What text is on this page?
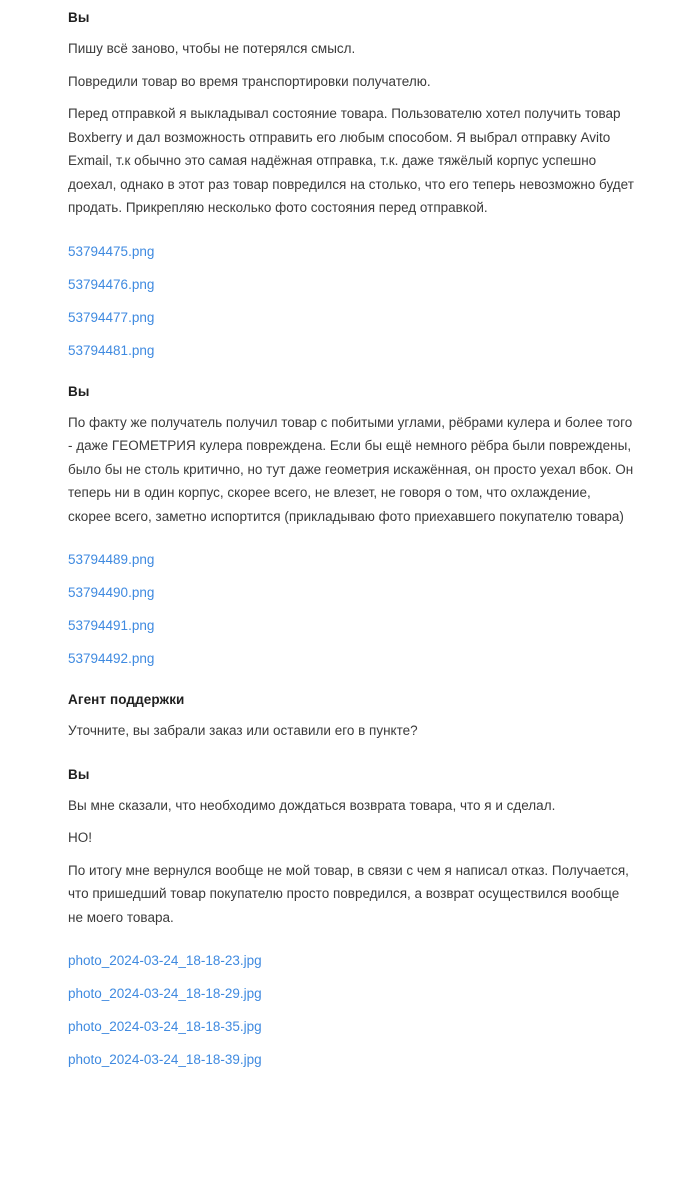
Вы

Пишу всё заново, чтобы не потерялся смысл.

Повредили товар во время транспортировки получателю.

Перед отправкой я выкладывал состояние товара. Пользователю хотел получить товар Boxberry и дал возможность отправить его любым способом. Я выбрал отправку Avito Exmail, т.к обычно это самая надёжная отправка, т.к. даже тяжёлый корпус успешно доехал, однако в этот раз товар повредился на столько, что его теперь невозможно будет продать. Прикрепляю несколько фото состояния перед отправкой.

53794475.png
53794476.png
53794477.png
53794481.png
Вы

По факту же получатель получил товар с побитыми углами, рёбрами кулера и более того - даже ГЕОМЕТРИЯ кулера повреждена. Если бы ещё немного рёбра были повреждены, было бы не столь критично, но тут даже геометрия искажённая, он просто уехал вбок. Он теперь ни в один корпус, скорее всего, не влезет, не говоря о том, что охлаждение, скорее всего, заметно испортится (прикладываю фото приехавшего покупателю товара)

53794489.png
53794490.png
53794491.png
53794492.png
Агент поддержки

Уточните, вы забрали заказ или оставили его в пункте?

Вы

Вы мне сказали, что необходимо дождаться возврата товара, что я и сделал.

НО!

По итогу мне вернулся вообще не мой товар, в связи с чем я написал отказ. Получается, что пришедший товар покупателю просто повредился, а возврат осуществился вообще не моего товара.

photo_2024-03-24_18-18-23.jpg
photo_2024-03-24_18-18-29.jpg
photo_2024-03-24_18-18-35.jpg
photo_2024-03-24_18-18-39.jpg
